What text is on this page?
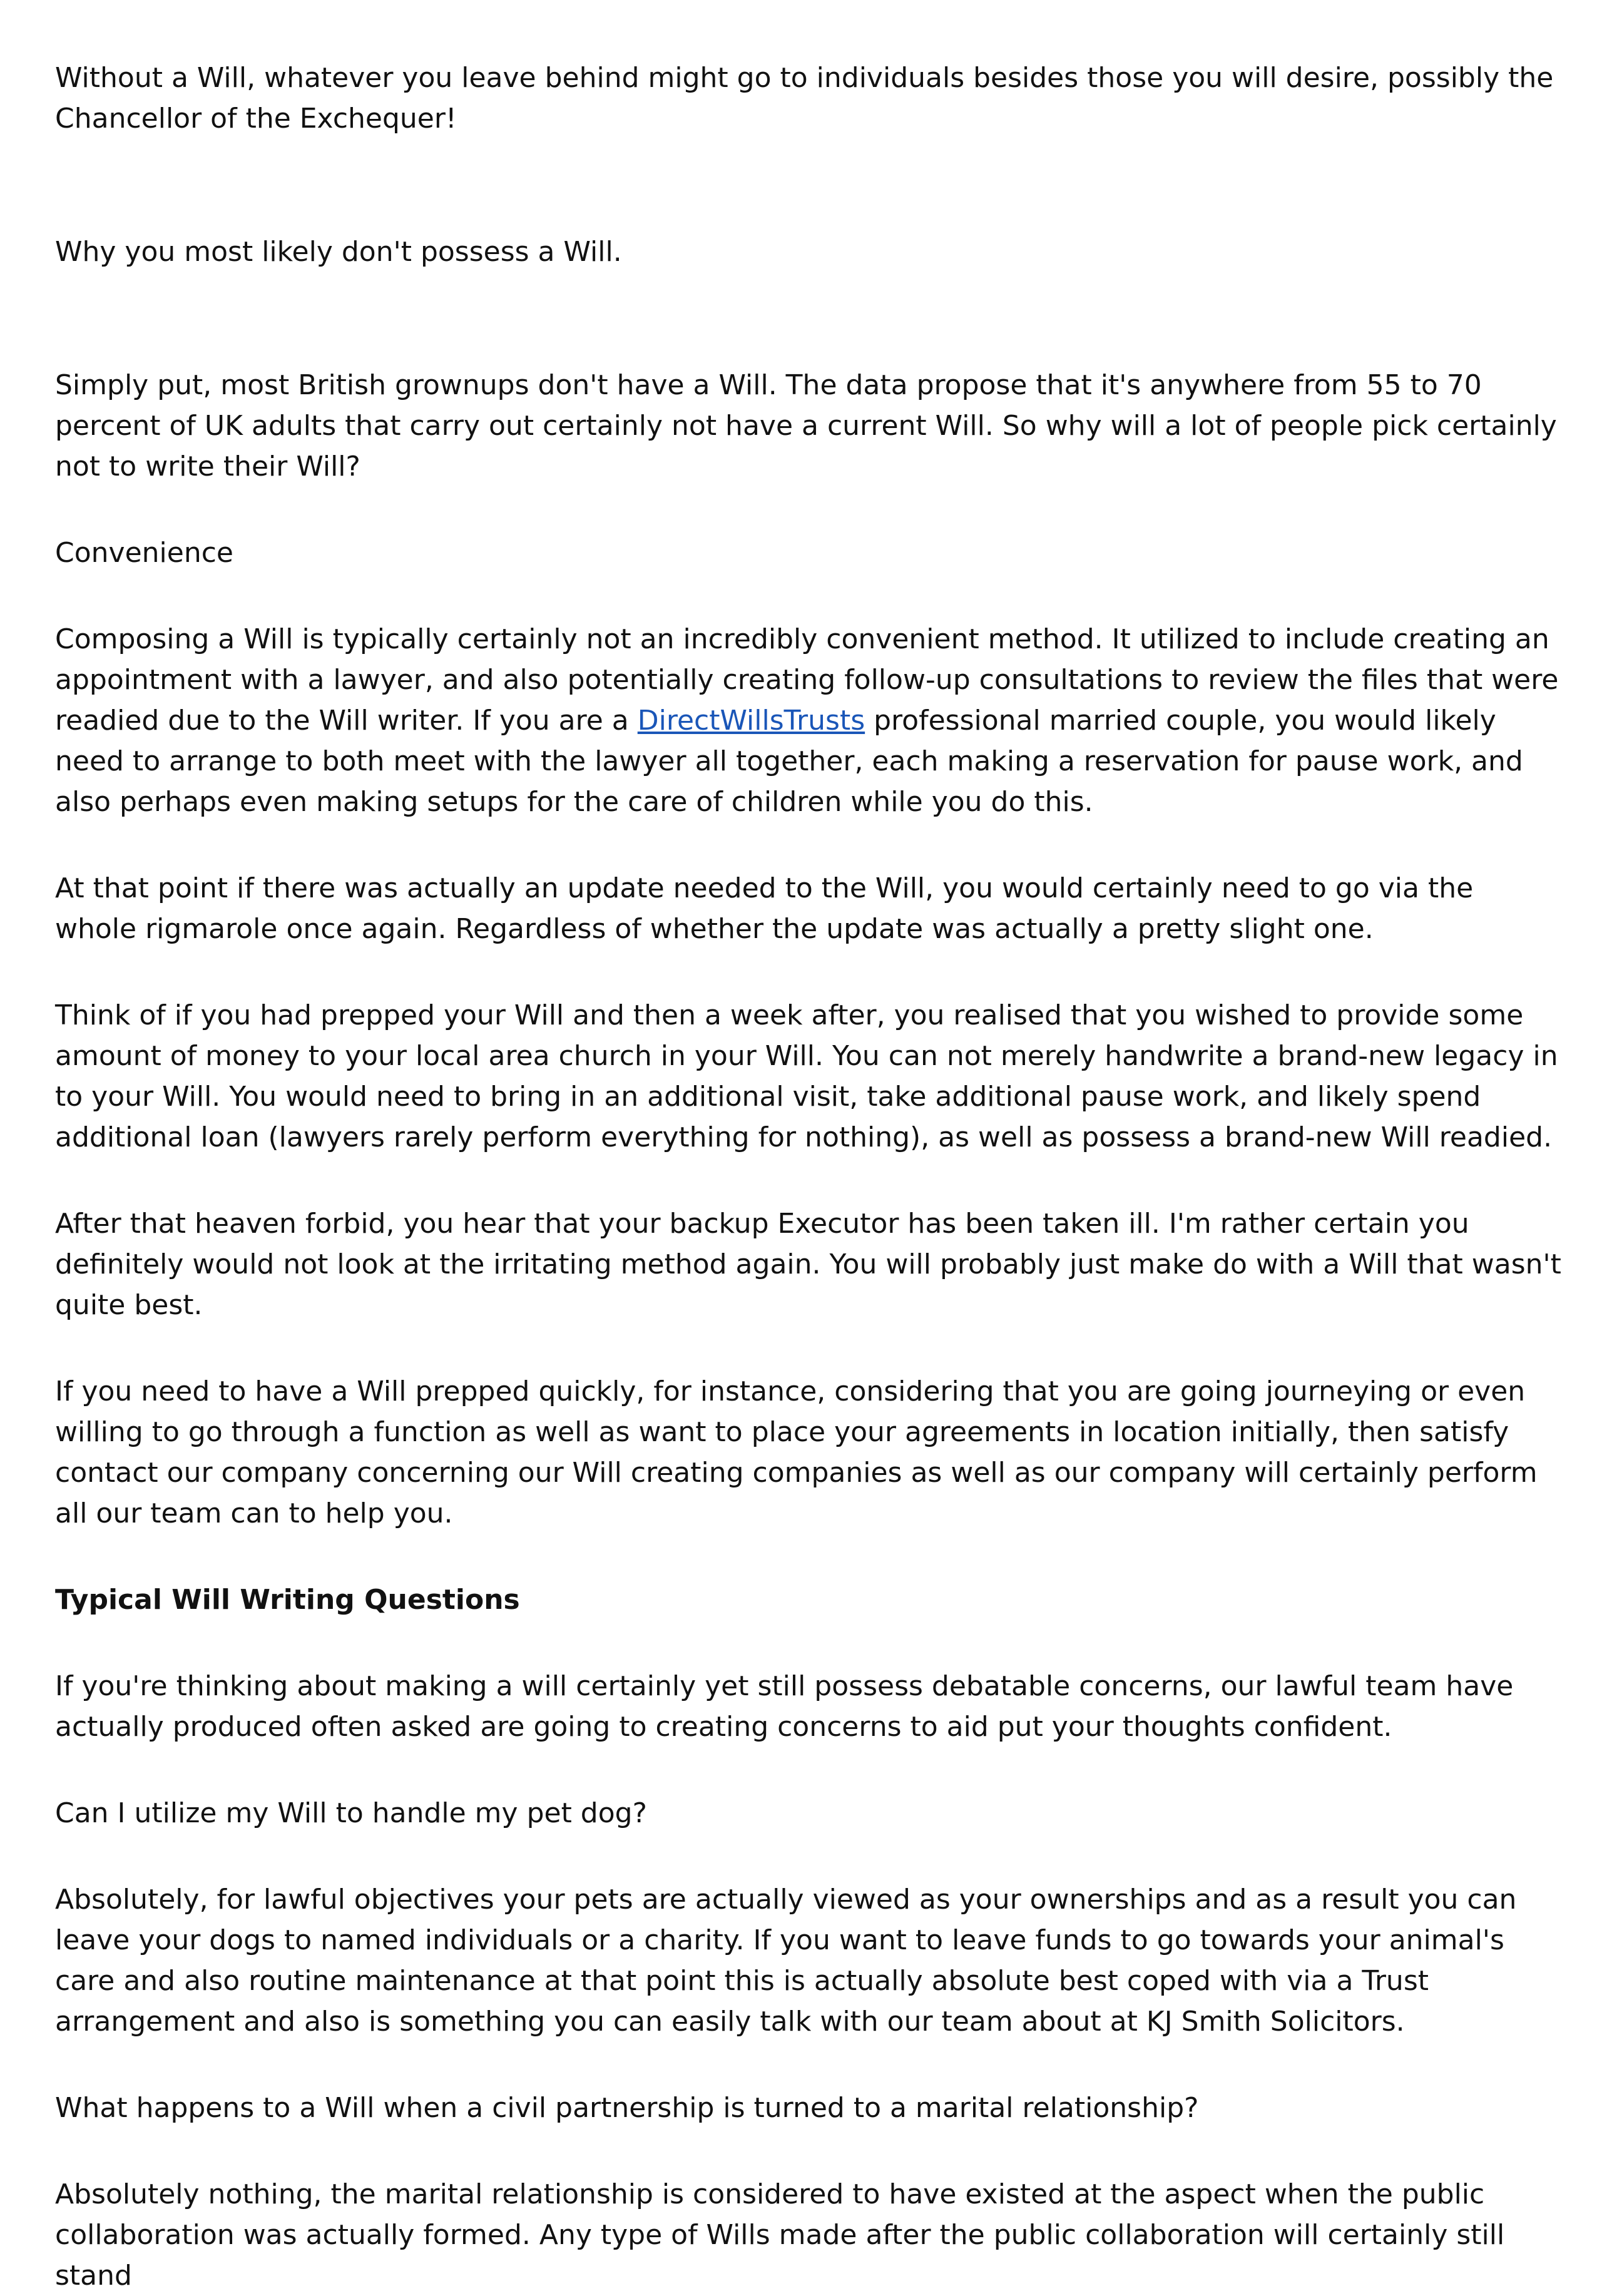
Without a Will, whatever you leave behind might go to individuals besides those you will desire, possibly the Chancellor of the Exchequer!

Why you most likely don't possess a Will.

Simply put, most British grownups don't have a Will. The data propose that it's anywhere from 55 to 70 percent of UK adults that carry out certainly not have a current Will. So why will a lot of people pick certainly not to write their Will?

Convenience

Composing a Will is typically certainly not an incredibly convenient method. It utilized to include creating an appointment with a lawyer, and also potentially creating follow-up consultations to review the files that were readied due to the Will writer. If you are a DirectWillsTrusts professional married couple, you would likely need to arrange to both meet with the lawyer all together, each making a reservation for pause work, and also perhaps even making setups for the care of children while you do this.

At that point if there was actually an update needed to the Will, you would certainly need to go via the whole rigmarole once again. Regardless of whether the update was actually a pretty slight one.

Think of if you had prepped your Will and then a week after, you realised that you wished to provide some amount of money to your local area church in your Will. You can not merely handwrite a brand-new legacy in to your Will. You would need to bring in an additional visit, take additional pause work, and likely spend additional loan (lawyers rarely perform everything for nothing), as well as possess a brand-new Will readied.

After that heaven forbid, you hear that your backup Executor has been taken ill. I'm rather certain you definitely would not look at the irritating method again. You will probably just make do with a Will that wasn't quite best.

If you need to have a Will prepped quickly, for instance, considering that you are going journeying or even willing to go through a function as well as want to place your agreements in location initially, then satisfy contact our company concerning our Will creating companies as well as our company will certainly perform all our team can to help you.

Typical Will Writing Questions

If you're thinking about making a will certainly yet still possess debatable concerns, our lawful team have actually produced often asked are going to creating concerns to aid put your thoughts confident.

Can I utilize my Will to handle my pet dog?

Absolutely, for lawful objectives your pets are actually viewed as your ownerships and as a result you can leave your dogs to named individuals or a charity. If you want to leave funds to go towards your animal's care and also routine maintenance at that point this is actually absolute best coped with via a Trust arrangement and also is something you can easily talk with our team about at KJ Smith Solicitors.

What happens to a Will when a civil partnership is turned to a marital relationship?

Absolutely nothing, the marital relationship is considered to have existed at the aspect when the public collaboration was actually formed. Any type of Wills made after the public collaboration will certainly still stand
